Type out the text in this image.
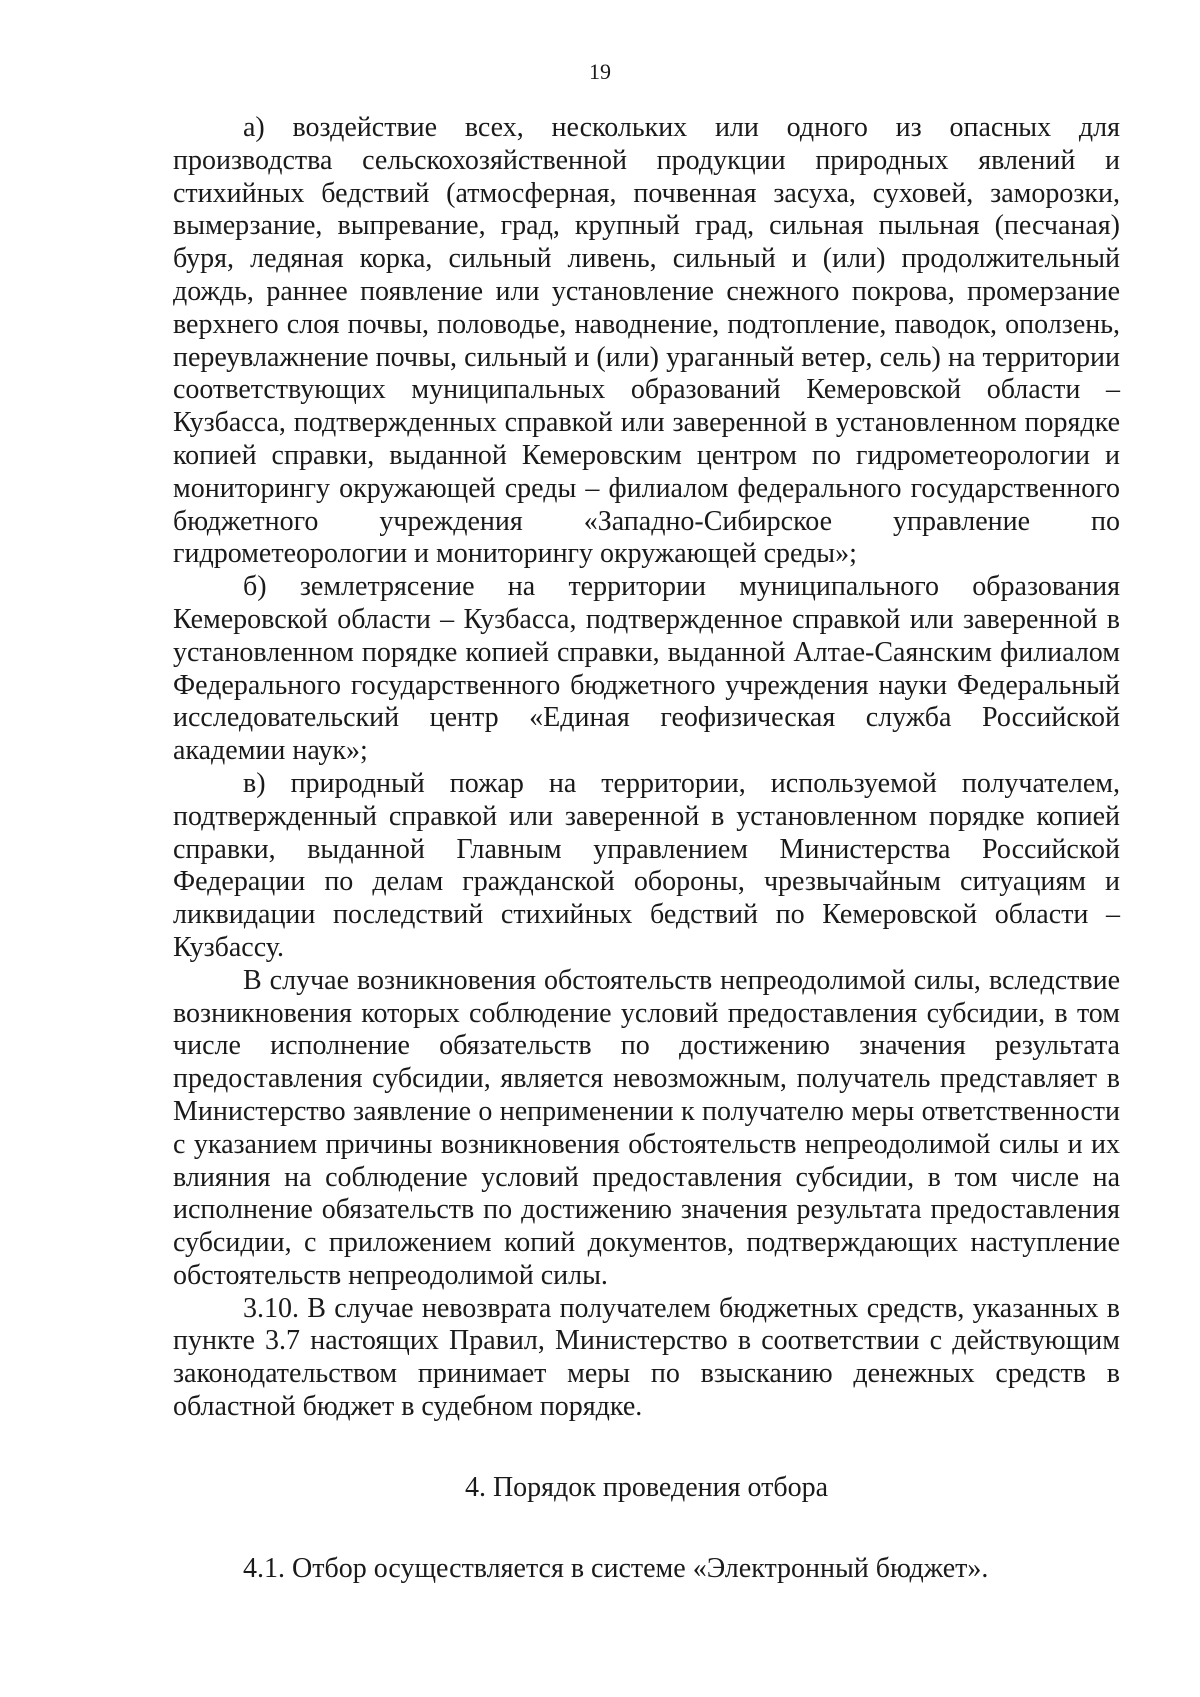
19

а) воздействие всех, нескольких или одного из опасных для производства сельскохозяйственной продукции природных явлений и стихийных бедствий (атмосферная, почвенная засуха, суховей, заморозки, вымерзание, выпревание, град, крупный град, сильная пыльная (песчаная) буря, ледяная корка, сильный ливень, сильный и (или) продолжительный дождь, раннее появление или установление снежного покрова, промерзание верхнего слоя почвы, половодье, наводнение, подтопление, паводок, оползень, переувлажнение почвы, сильный и (или) ураганный ветер, сель) на территории соответствующих муниципальных образований Кемеровской области – Кузбасса, подтвержденных справкой или заверенной в установленном порядке копией справки, выданной Кемеровским центром по гидрометеорологии и мониторингу окружающей среды – филиалом федерального государственного бюджетного учреждения «Западно-Сибирское управление по гидрометеорологии и мониторингу окружающей среды»;

б) землетрясение на территории муниципального образования Кемеровской области – Кузбасса, подтвержденное справкой или заверенной в установленном порядке копией справки, выданной Алтае-Саянским филиалом Федерального государственного бюджетного учреждения науки Федеральный исследовательский центр «Единая геофизическая служба Российской академии наук»;

в) природный пожар на территории, используемой получателем, подтвержденный справкой или заверенной в установленном порядке копией справки, выданной Главным управлением Министерства Российской Федерации по делам гражданской обороны, чрезвычайным ситуациям и ликвидации последствий стихийных бедствий по Кемеровской области – Кузбассу.

В случае возникновения обстоятельств непреодолимой силы, вследствие возникновения которых соблюдение условий предоставления субсидии, в том числе исполнение обязательств по достижению значения результата предоставления субсидии, является невозможным, получатель представляет в Министерство заявление о неприменении к получателю меры ответственности с указанием причины возникновения обстоятельств непреодолимой силы и их влияния на соблюдение условий предоставления субсидии, в том числе на исполнение обязательств по достижению значения результата предоставления субсидии, с приложением копий документов, подтверждающих наступление обстоятельств непреодолимой силы.

3.10. В случае невозврата получателем бюджетных средств, указанных в пункте 3.7 настоящих Правил, Министерство в соответствии с действующим законодательством принимает меры по взысканию денежных средств в областной бюджет в судебном порядке.

4. Порядок проведения отбора

4.1. Отбор осуществляется в системе «Электронный бюджет».
